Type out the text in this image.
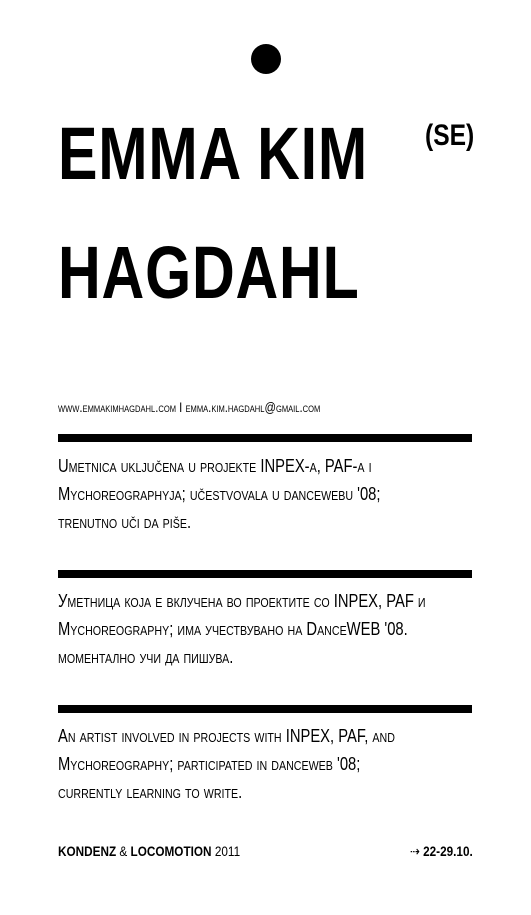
EMMA KIM
HAGDAHL
(SE)
www.emmakimhagdahl.com I emma.kim.hagdahl@gmail.com
Umetnica uključena u projekte INPEX-a, PAF-a i
Mychoreographyja; učestvovala u dancewebu '08;
trenutno uči da piše.
Уметница која е вклучена во проектите со INPEX, PAF и
Mychoreography; има учествувано на DanceWEB '08.
моментално учи да пишува.
An artist involved in projects with INPEX, PAF, and
Mychoreography; participated in danceweb '08;
currently learning to write.
KONDENZ & LOCOMOTION 2011	⇢ 22-29.10.
